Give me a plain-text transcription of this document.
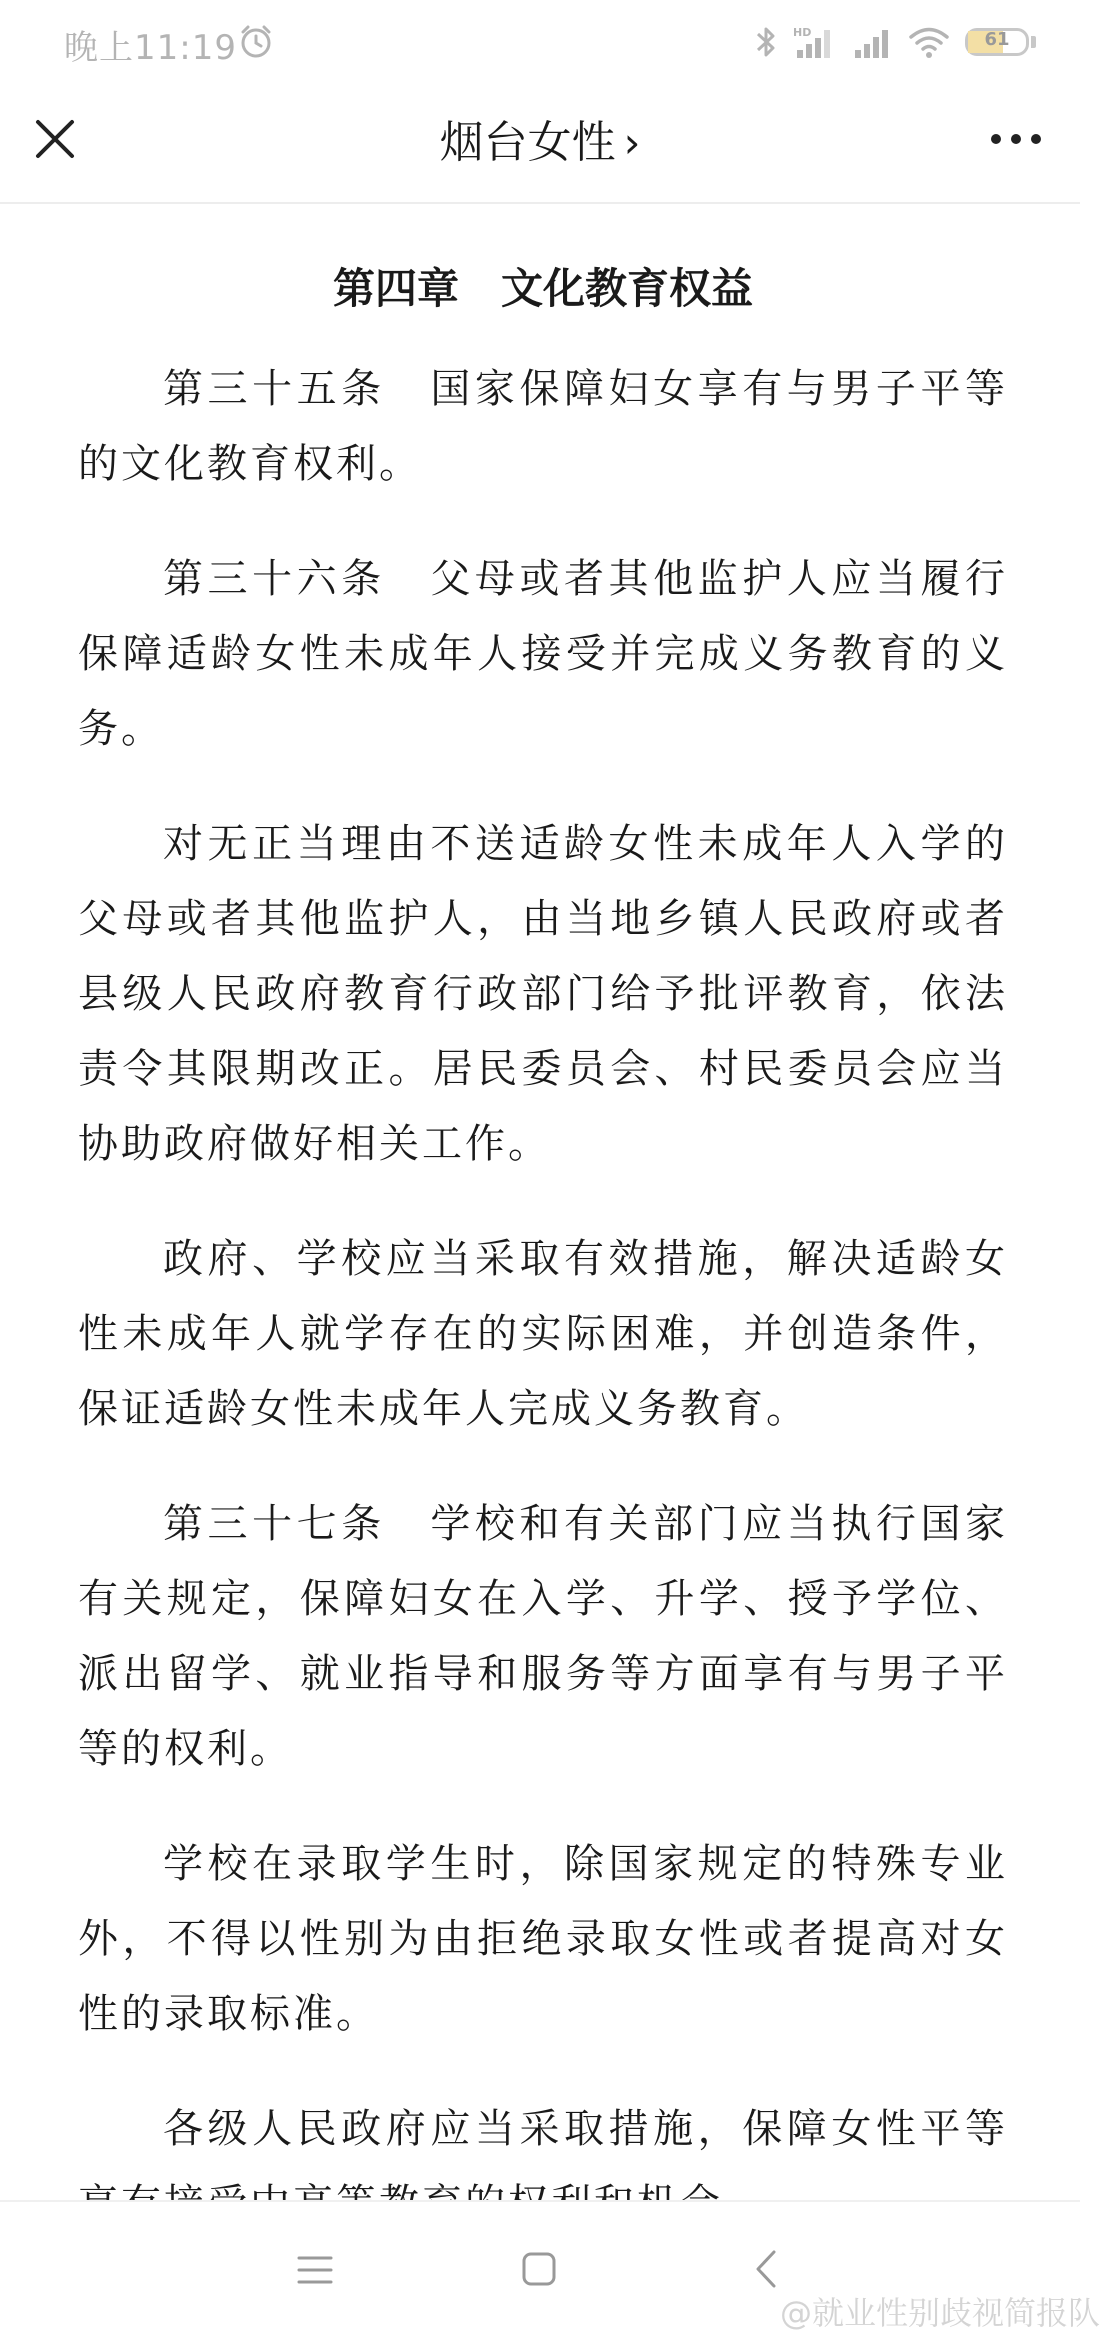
晚上11:19	HD	61
烟台女性 ›
第四章　文化教育权益

第三十五条　国家保障妇女享有与男子平等的文化教育权利。

第三十六条　父母或者其他监护人应当履行保障适龄女性未成年人接受并完成义务教育的义务。

对无正当理由不送适龄女性未成年人入学的父母或者其他监护人，由当地乡镇人民政府或者县级人民政府教育行政部门给予批评教育，依法责令其限期改正。居民委员会、村民委员会应当协助政府做好相关工作。

政府、学校应当采取有效措施，解决适龄女性未成年人就学存在的实际困难，并创造条件，保证适龄女性未成年人完成义务教育。

第三十七条　学校和有关部门应当执行国家有关规定，保障妇女在入学、升学、授予学位、派出留学、就业指导和服务等方面享有与男子平等的权利。

学校在录取学生时，除国家规定的特殊专业外，不得以性别为由拒绝录取女性或者提高对女性的录取标准。

各级人民政府应当采取措施，保障女性平等

@就业性别歧视简报队
